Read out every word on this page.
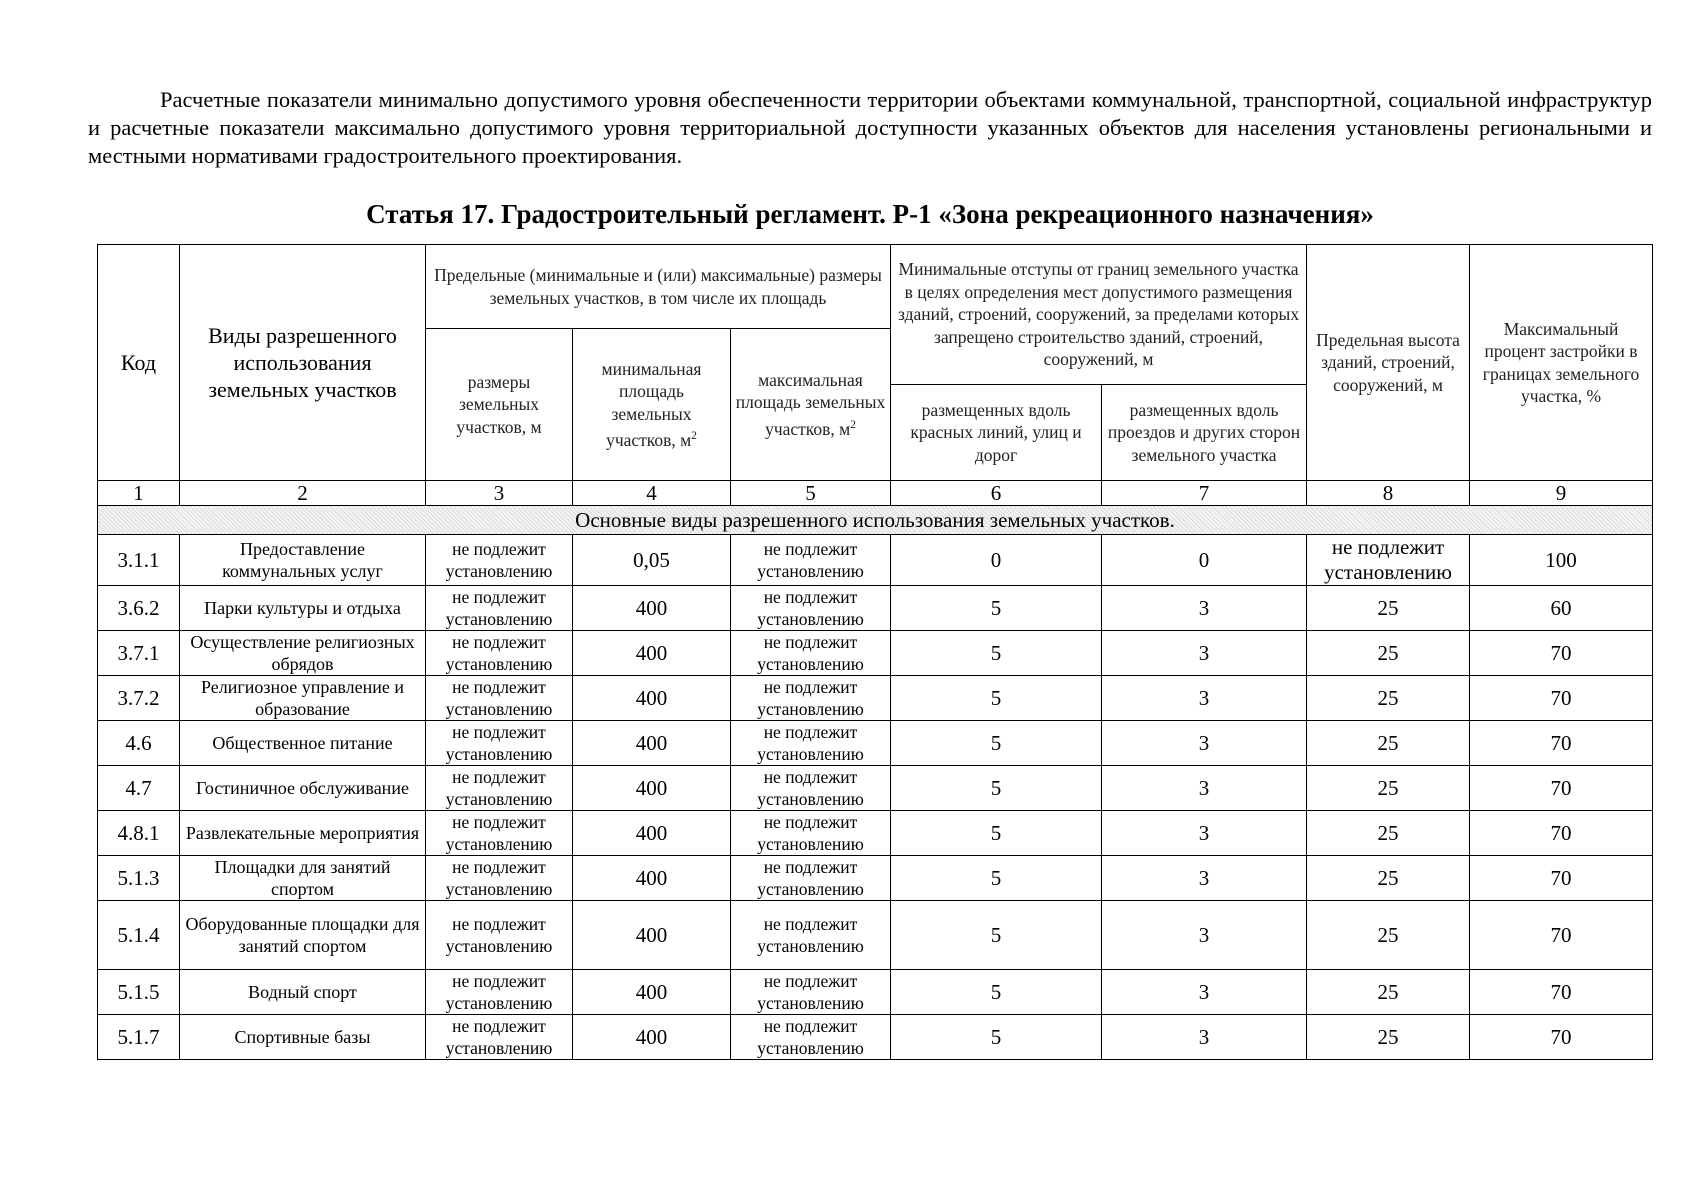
Расчетные показатели минимально допустимого уровня обеспеченности территории объектами коммунальной, транспортной, социальной инфраструктур и расчетные показатели максимально допустимого уровня территориальной доступности указанных объектов для населения установлены региональными и местными нормативами градостроительного проектирования.

Статья 17. Градостроительный регламент. Р-1 «Зона рекреационного назначения»
Код	Виды разрешенного использования земельных участков	Предельные (минимальные и (или) максимальные) размеры земельных участков, в том числе их площадь			Минимальные отступы от границ земельного участка в целях определения мест допустимого размещения зданий, строений, сооружений, за пределами которых запрещено строительство зданий, строений, сооружений, м		Предельная высота зданий, строений, сооружений, м	Максимальный процент застройки в границах земельного участка, %
		размеры земельных участков, м	минимальная площадь земельных участков, $м^2$	максимальная площадь земельных участков, $м^2$
					размещенных вдоль красных линий, улиц и дорог	размещенных вдоль проездов и других сторон земельного участка		
1	2	3	4	5	6	7	8	9
Основные виды разрешенного использования земельных участков.								
3.1.1	Предоставление коммунальных услуг	не подлежит установлению	0,05	не подлежит установлению	0	0	не подлежит установлению	100
3.6.2	Парки культуры и отдыха	не подлежит установлению	400	не подлежит установлению	5	3	25	60
3.7.1	Осуществление религиозных обрядов	не подлежит установлению	400	не подлежит установлению	5	3	25	70
3.7.2	Религиозное управление и образование	не подлежит установлению	400	не подлежит установлению	5	3	25	70
4.6	Общественное питание	не подлежит установлению	400	не подлежит установлению	5	3	25	70
4.7	Гостиничное обслуживание	не подлежит установлению	400	не подлежит установлению	5	3	25	70
4.8.1	Развлекательные мероприятия	не подлежит установлению	400	не подлежит установлению	5	3	25	70
5.1.3	Площадки для занятий спортом	не подлежит установлению	400	не подлежит установлению	5	3	25	70
5.1.4	Оборудованные площадки для занятий спортом	не подлежит установлению	400	не подлежит установлению	5	3	25	70
5.1.5	Водный спорт	не подлежит установлению	400	не подлежит установлению	5	3	25	70
5.1.7	Спортивные базы	не подлежит установлению	400	не подлежит установлению	5	3	25	70
